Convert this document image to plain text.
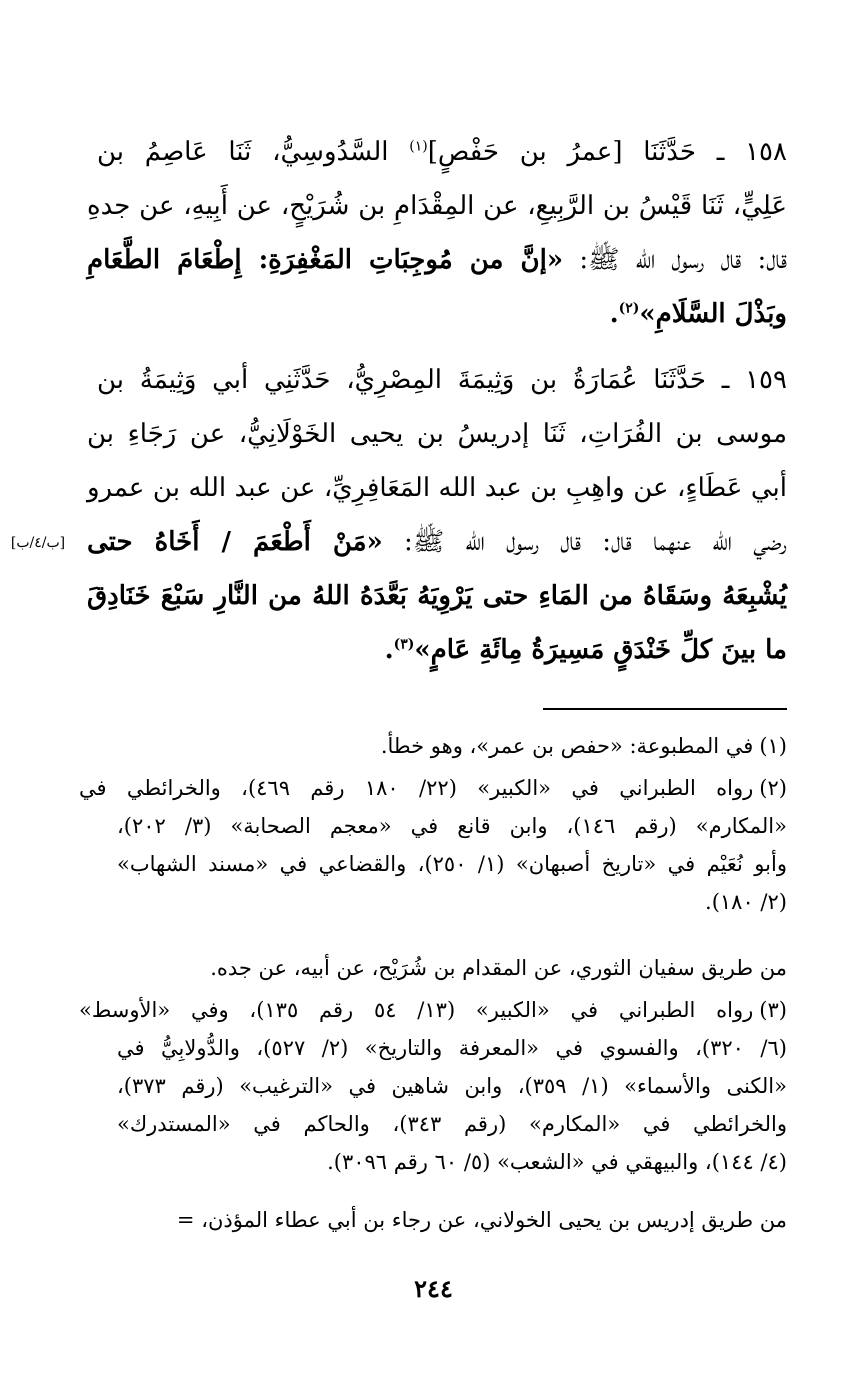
[ب/٤/ب]
١٥٨ ـ حَدَّثَنَا [عمرُ بن حَفْصٍ]$^{(١)}$ السَّدُوسِيُّ، ثَنَا عَاصِمُ بن
عَلِيٍّ، ثَنَا قَيْسُ بن الرَّبِيعِ، عن المِقْدَامِ بن شُرَيْحٍ، عن أَبِيهِ، عن جدهِ
قال: قال رسول الله ﷺ: «إنَّ من مُوجِبَاتِ المَغْفِرَةِ: إِطْعَامَ الطَّعَامِ
وبَذْلَ السَّلَامِ»$^{(٢)}$.
١٥٩ ـ حَدَّثَنَا عُمَارَةُ بن وَثِيمَةَ المِصْرِيُّ، حَدَّثَنِي أبي وَثِيمَةُ بن
موسى بن الفُرَاتِ، ثَنَا إدريسُ بن يحيى الخَوْلَانِيُّ، عن رَجَاءِ بن
أبي عَطَاءٍ، عن واهِبِ بن عبد الله المَعَافِرِيِّ، عن عبد الله بن عمرو
رضي الله عنهما قال: قال رسول الله ﷺ: «مَنْ أَطْعَمَ / أَخَاهُ حتى
يُشْبِعَهُ وسَقَاهُ من المَاءِ حتى يَرْوِيَهُ بَعَّدَهُ اللهُ من النَّارِ سَبْعَ خَنَادِقَ
ما بينَ كلِّ خَنْدَقٍ مَسِيرَةُ مِائَةِ عَامٍ»$^{(٣)}$.
(١)في المطبوعة: «حفص بن عمر»، وهو خطأ.
(٢)رواه الطبراني في «الكبير» (٢٢/ ١٨٠ رقم ٤٦٩)، والخرائطي في
«المكارم» (رقم ١٤٦)، وابن قانع في «معجم الصحابة» (٣/ ٢٠٢)،
وأبو نُعَيْم في «تاريخ أصبهان» (١/ ٢٥٠)، والقضاعي في «مسند الشهاب»
(٢/ ١٨٠).
من طريق سفيان الثوري، عن المقدام بن شُرَيْح، عن أبيه، عن جده.
(٣)رواه الطبراني في «الكبير» (١٣/ ٥٤ رقم ١٣٥)، وفي «الأوسط»
(٦/ ٣٢٠)، والفسوي في «المعرفة والتاريخ» (٢/ ٥٢٧)، والدُّولابِيُّ في
«الكنى والأسماء» (١/ ٣٥٩)، وابن شاهين في «الترغيب» (رقم ٣٧٣)،
والخرائطي في «المكارم» (رقم ٣٤٣)، والحاكم في «المستدرك»
(٤/ ١٤٤)، والبيهقي في «الشعب» (٥/ ٦٠ رقم ٣٠٩٦).
من طريق إدريس بن يحيى الخولاني، عن رجاء بن أبي عطاء المؤذن، =
٢٤٤
